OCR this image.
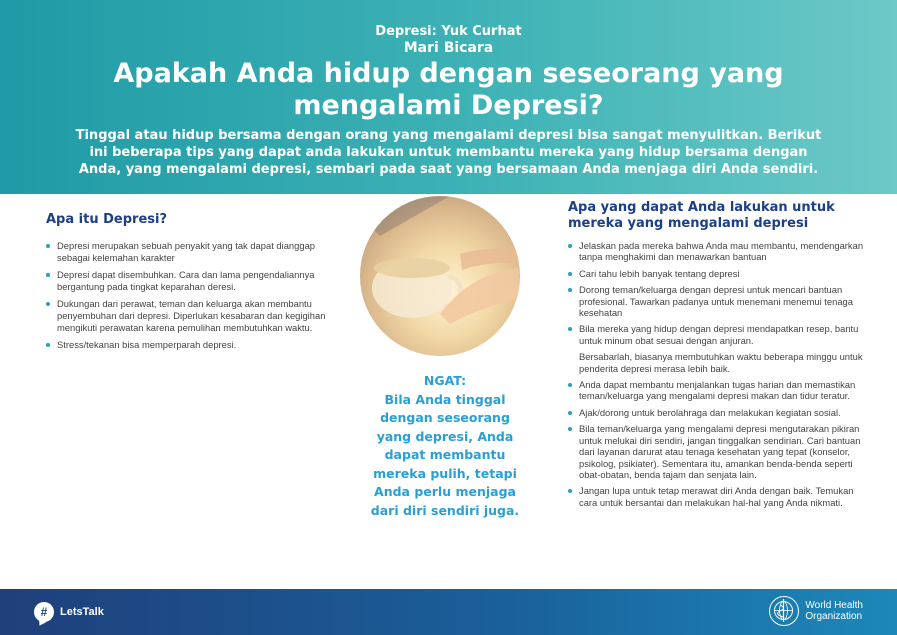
Depresi: Yuk Curhat
Mari Bicara
Apakah Anda hidup dengan seseorang yang mengalami Depresi?
Tinggal atau hidup bersama dengan orang yang mengalami depresi bisa sangat menyulitkan. Berikut ini beberapa tips yang dapat anda lakukan untuk membantu mereka yang hidup bersama dengan Anda, yang mengalami depresi, sembari pada saat yang bersamaan Anda menjaga diri Anda sendiri.
Apa itu Depresi?
Depresi merupakan sebuah penyakit yang tak dapat dianggap sebagai kelemahan karakter
Depresi dapat disembuhkan. Cara dan lama pengendaliannya bergantung pada tingkat keparahan deresi.
Dukungan dari perawat, teman dan keluarga akan membantu penyembuhan dari depresi. Diperlukan kesabaran dan kegigihan mengikuti perawatan karena pemulihan membutuhkan waktu.
Stress/tekanan bisa memperparah depresi.
NGAT:
Bila Anda tinggal dengan seseorang yang depresi, Anda dapat membantu mereka pulih, tetapi Anda perlu menjaga dari diri sendiri juga.
Apa yang dapat Anda lakukan untuk mereka yang mengalami depresi
Jelaskan pada mereka bahwa Anda mau membantu, mendengarkan tanpa menghakimi dan menawarkan bantuan
Cari tahu lebih banyak tentang depresi
Dorong teman/keluarga dengan depresi untuk mencari bantuan profesional. Tawarkan padanya untuk menemani menemui tenaga kesehatan
Bila mereka yang hidup dengan depresi mendapatkan resep, bantu untuk minum obat sesuai dengan anjuran.

Bersabarlah, biasanya membutuhkan waktu beberapa minggu untuk penderita depresi merasa lebih baik.

Anda dapat membantu menjalankan tugas harian dan memastikan teman/keluarga yang mengalami depresi makan dan tidur teratur.
Ajak/dorong untuk berolahraga dan melakukan kegiatan sosial.
Bila teman/keluarga yang mengalami depresi mengutarakan pikiran untuk melukai diri sendiri, jangan tinggalkan sendirian. Cari bantuan dari layanan darurat atau tenaga kesehatan yang tepat (konselor, psikolog, psikiater). Sementara itu, amankan benda-benda seperti obat-obatan, benda tajam dan senjata lain.
Jangan lupa untuk tetap merawat diri Anda dengan baik. Temukan cara untuk bersantai dan melakukan hal-hal yang Anda nikmati.
#	LetsTalk
World Health
Organization
